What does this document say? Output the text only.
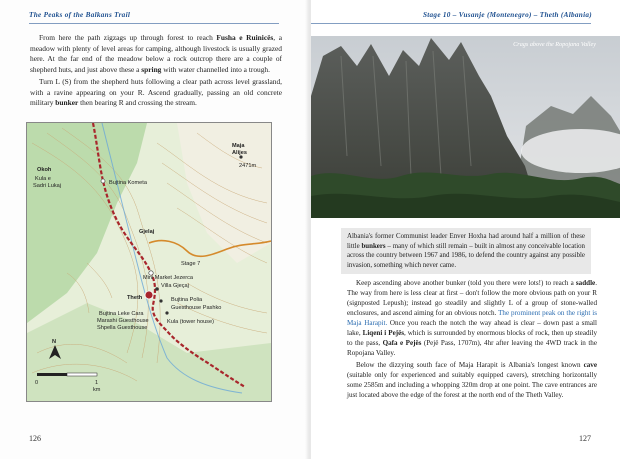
The Peaks of the Balkans Trail

From here the path zigzags up through forest to reach Fusha e Ruinicës, a meadow with plenty of level areas for camping, although livestock is usually grazed here. At the far end of the meadow below a rock outcrop there are a couple of shepherd huts, and just above these a spring with water channelled into a trough.

Turn L (S) from the shepherd huts following a clear path across level grassland, with a ravine appearing on your R. Ascend gradually, passing an old concrete military bunker then bearing R and crossing the stream.

Okoh
Kula e
Sadri Lukaj	Bujtina Kometa
Maja
Alijes
2471m
Gjelaj
Stage 7
Mini Market Jezerca
Villa Gjeçaj
Theth	Bujtina Polia
Guesthouse Pashko
Bujtina Leke Cara
Marashi Guesthouse
Shpella Guesthouse
Kula (tower house)
N
0	1
km
126
Stage 10 – Vusanje (Montenegro) – Theth (Albania)
Crags above the Ropojana Valley

Albania's former Communist leader Enver Hoxha had around half a million of these little bunkers – many of which still remain – built in almost any conceivable location across the country between 1967 and 1986, to defend the country against any possible invasion, something which never came.

Keep ascending above another bunker (told you there were lots!) to reach a saddle. The way from here is less clear at first – don't follow the more obvious path on your R (signposted Lepush); instead go steadily and slightly L of a group of stone-walled enclosures, and ascend aiming for an obvious notch. The prominent peak on the right is Maja Harapit. Once you reach the notch the way ahead is clear – down past a small lake, Liqeni i Pejës, which is surrounded by enormous blocks of rock, then up steadily to the pass, Qafa e Pejës (Pejë Pass, 1707m), 4hr after leaving the 4WD track in the Ropojana Valley.

Below the dizzying south face of Maja Harapit is Albania's longest known cave (suitable only for experienced and suitably equipped cavers), stretching horizontally some 2585m and including a whopping 320m drop at one point. The cave entrances are just located above the edge of the forest at the north end of the Theth Valley.

127
